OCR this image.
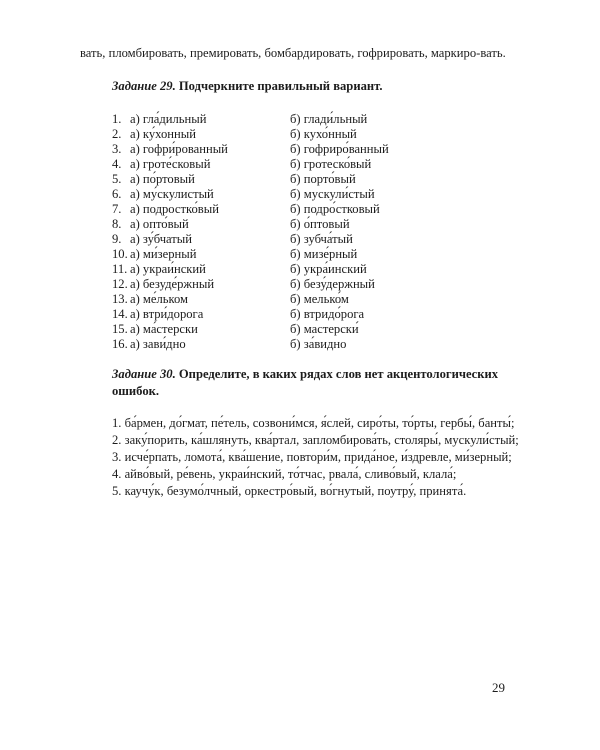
вать, пломбировать, премировать, бомбардировать, гофрировать, маркиро-вать.

Задание 29. Подчеркните правильный вариант.

1. а) гла́дильный	б) глади́льный
2. а) ку́хонный	б) кухо́нный
3. а) гофри́рованный	б) гофриро́ванный
4. а) гроте́сковый	б) гротеско́вый
5. а) по́ртовый	б) порто́вый
6. а) му́скулистый	б) мускули́стый
7. а) подростко́вый	б) подро́стковый
8. а) опто́вый	б) о́птовый
9. а) зу́бчатый	б) зубча́тый
10. а) ми́зерный	б) мизе́рный
11. а) украи́нский	б) укра́инский
12. а) безуде́ржный	б) безу́держный
13. а) ме́льком	б) мелько́м
14. а) втри́дорога	б) втридо́рога
15. а) ма́стерски	б) мастерски́
16. а) зави́дно	б) за́видно

Задание 30. Определите, в каких рядах слов нет акцентологических ошибок.

1. ба́рмен, до́гмат, пе́тель, созвони́мся, я́слей, сиро́ты, то́рты, гербы́, банты́;

2. заку́порить, ка́шлянуть, ква́ртал, запломбирова́ть, столяры́, мускули́стый;

3. исче́рпать, ломота́, ква́шение, повтори́м, прида́ное, и́здревле, ми́зерный;

4. айво́вый, ре́вень, украи́нский, то́тчас, рвала́, сливо́вый, клала́;

5. каучу́к, безумо́лчный, оркестро́вый, во́гнутый, поутру́, принята́.

29
